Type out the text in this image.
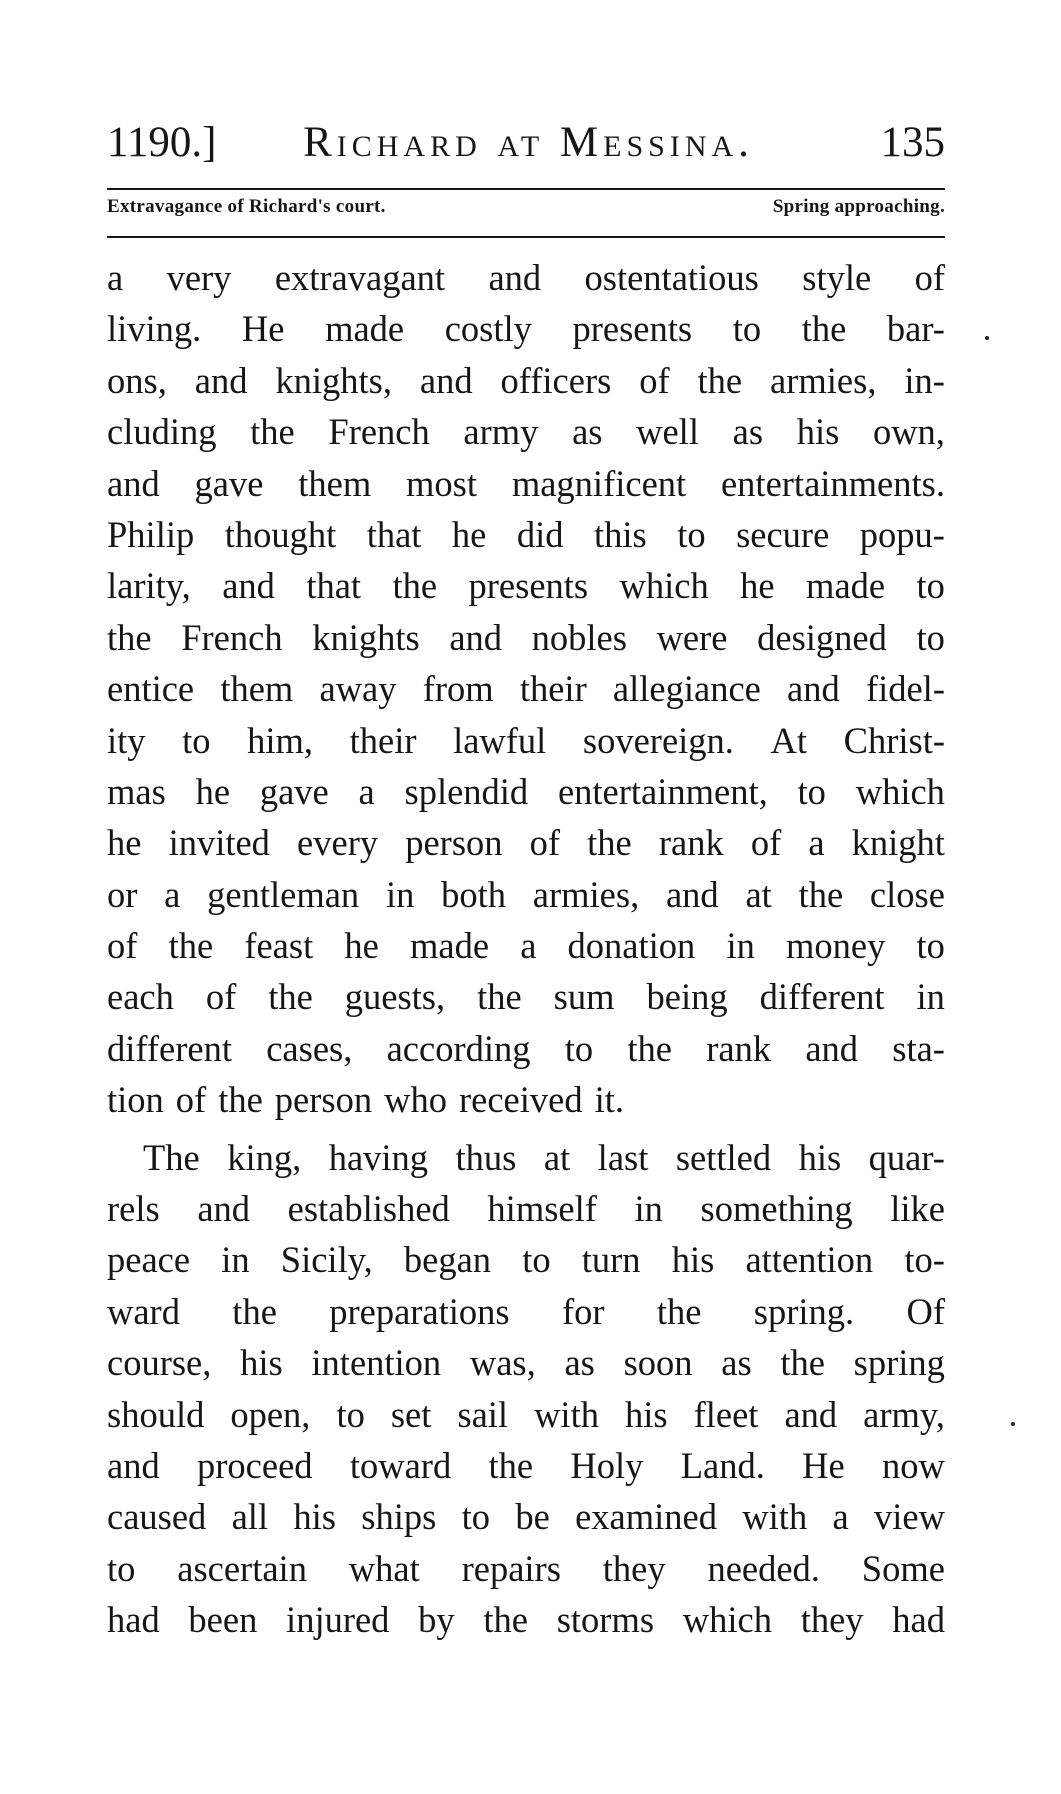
1190.] Richard at Messina.	135
Extravagance of Richard's court.	Spring approaching.
a very extravagant and ostentatious style of
living. He made costly presents to the bar-
ons, and knights, and officers of the armies, in-
cluding the French army as well as his own,
and gave them most magnificent entertainments.
Philip thought that he did this to secure popu-
larity, and that the presents which he made to
the French knights and nobles were designed to
entice them away from their allegiance and fidel-
ity to him, their lawful sovereign. At Christ-
mas he gave a splendid entertainment, to which
he invited every person of the rank of a knight
or a gentleman in both armies, and at the close
of the feast he made a donation in money to
each of the guests, the sum being different in
different cases, according to the rank and sta-
tion of the person who received it.
The king, having thus at last settled his quar-
rels and established himself in something like
peace in Sicily, began to turn his attention to-
ward the preparations for the spring. Of
course, his intention was, as soon as the spring
should open, to set sail with his fleet and army,
and proceed toward the Holy Land. He now
caused all his ships to be examined with a view
to ascertain what repairs they needed. Some
had been injured by the storms which they had
